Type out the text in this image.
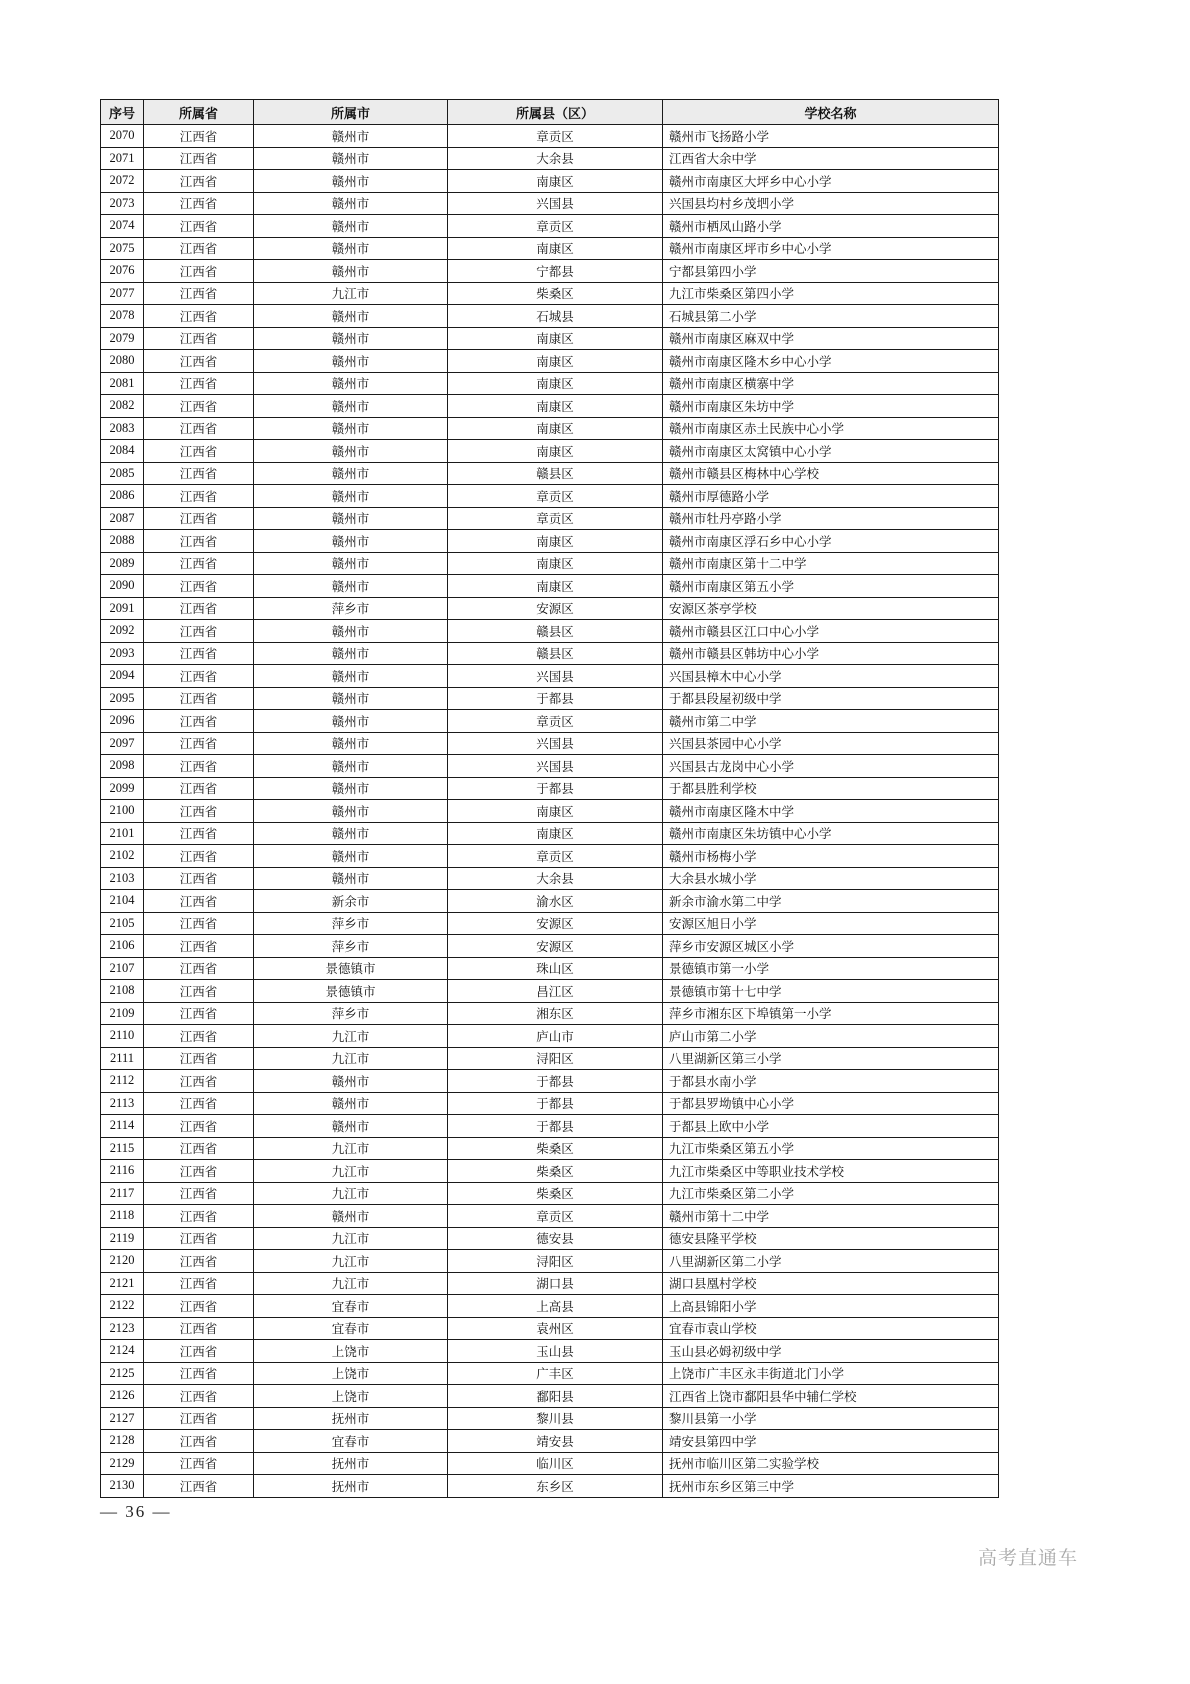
序号	所属省	所属市	所属县（区）	学校名称
2070	江西省	赣州市	章贡区	赣州市飞扬路小学
2071	江西省	赣州市	大余县	江西省大余中学
2072	江西省	赣州市	南康区	赣州市南康区大坪乡中心小学
2073	江西省	赣州市	兴国县	兴国县均村乡茂垇小学
2074	江西省	赣州市	章贡区	赣州市栖凤山路小学
2075	江西省	赣州市	南康区	赣州市南康区坪市乡中心小学
2076	江西省	赣州市	宁都县	宁都县第四小学
2077	江西省	九江市	柴桑区	九江市柴桑区第四小学
2078	江西省	赣州市	石城县	石城县第二小学
2079	江西省	赣州市	南康区	赣州市南康区麻双中学
2080	江西省	赣州市	南康区	赣州市南康区隆木乡中心小学
2081	江西省	赣州市	南康区	赣州市南康区横寨中学
2082	江西省	赣州市	南康区	赣州市南康区朱坊中学
2083	江西省	赣州市	南康区	赣州市南康区赤土民族中心小学
2084	江西省	赣州市	南康区	赣州市南康区太窝镇中心小学
2085	江西省	赣州市	赣县区	赣州市赣县区梅林中心学校
2086	江西省	赣州市	章贡区	赣州市厚德路小学
2087	江西省	赣州市	章贡区	赣州市牡丹亭路小学
2088	江西省	赣州市	南康区	赣州市南康区浮石乡中心小学
2089	江西省	赣州市	南康区	赣州市南康区第十二中学
2090	江西省	赣州市	南康区	赣州市南康区第五小学
2091	江西省	萍乡市	安源区	安源区茶亭学校
2092	江西省	赣州市	赣县区	赣州市赣县区江口中心小学
2093	江西省	赣州市	赣县区	赣州市赣县区韩坊中心小学
2094	江西省	赣州市	兴国县	兴国县樟木中心小学
2095	江西省	赣州市	于都县	于都县段屋初级中学
2096	江西省	赣州市	章贡区	赣州市第二中学
2097	江西省	赣州市	兴国县	兴国县茶园中心小学
2098	江西省	赣州市	兴国县	兴国县古龙岗中心小学
2099	江西省	赣州市	于都县	于都县胜利学校
2100	江西省	赣州市	南康区	赣州市南康区隆木中学
2101	江西省	赣州市	南康区	赣州市南康区朱坊镇中心小学
2102	江西省	赣州市	章贡区	赣州市杨梅小学
2103	江西省	赣州市	大余县	大余县水城小学
2104	江西省	新余市	渝水区	新余市渝水第二中学
2105	江西省	萍乡市	安源区	安源区旭日小学
2106	江西省	萍乡市	安源区	萍乡市安源区城区小学
2107	江西省	景德镇市	珠山区	景德镇市第一小学
2108	江西省	景德镇市	昌江区	景德镇市第十七中学
2109	江西省	萍乡市	湘东区	萍乡市湘东区下埠镇第一小学
2110	江西省	九江市	庐山市	庐山市第二小学
2111	江西省	九江市	浔阳区	八里湖新区第三小学
2112	江西省	赣州市	于都县	于都县水南小学
2113	江西省	赣州市	于都县	于都县罗坳镇中心小学
2114	江西省	赣州市	于都县	于都县上欧中小学
2115	江西省	九江市	柴桑区	九江市柴桑区第五小学
2116	江西省	九江市	柴桑区	九江市柴桑区中等职业技术学校
2117	江西省	九江市	柴桑区	九江市柴桑区第二小学
2118	江西省	赣州市	章贡区	赣州市第十二中学
2119	江西省	九江市	德安县	德安县隆平学校
2120	江西省	九江市	浔阳区	八里湖新区第二小学
2121	江西省	九江市	湖口县	湖口县凰村学校
2122	江西省	宜春市	上高县	上高县锦阳小学
2123	江西省	宜春市	袁州区	宜春市袁山学校
2124	江西省	上饶市	玉山县	玉山县必姆初级中学
2125	江西省	上饶市	广丰区	上饶市广丰区永丰街道北门小学
2126	江西省	上饶市	鄱阳县	江西省上饶市鄱阳县华中辅仁学校
2127	江西省	抚州市	黎川县	黎川县第一小学
2128	江西省	宜春市	靖安县	靖安县第四中学
2129	江西省	抚州市	临川区	抚州市临川区第二实验学校
2130	江西省	抚州市	东乡区	抚州市东乡区第三中学
— 36 —
高考直通车
